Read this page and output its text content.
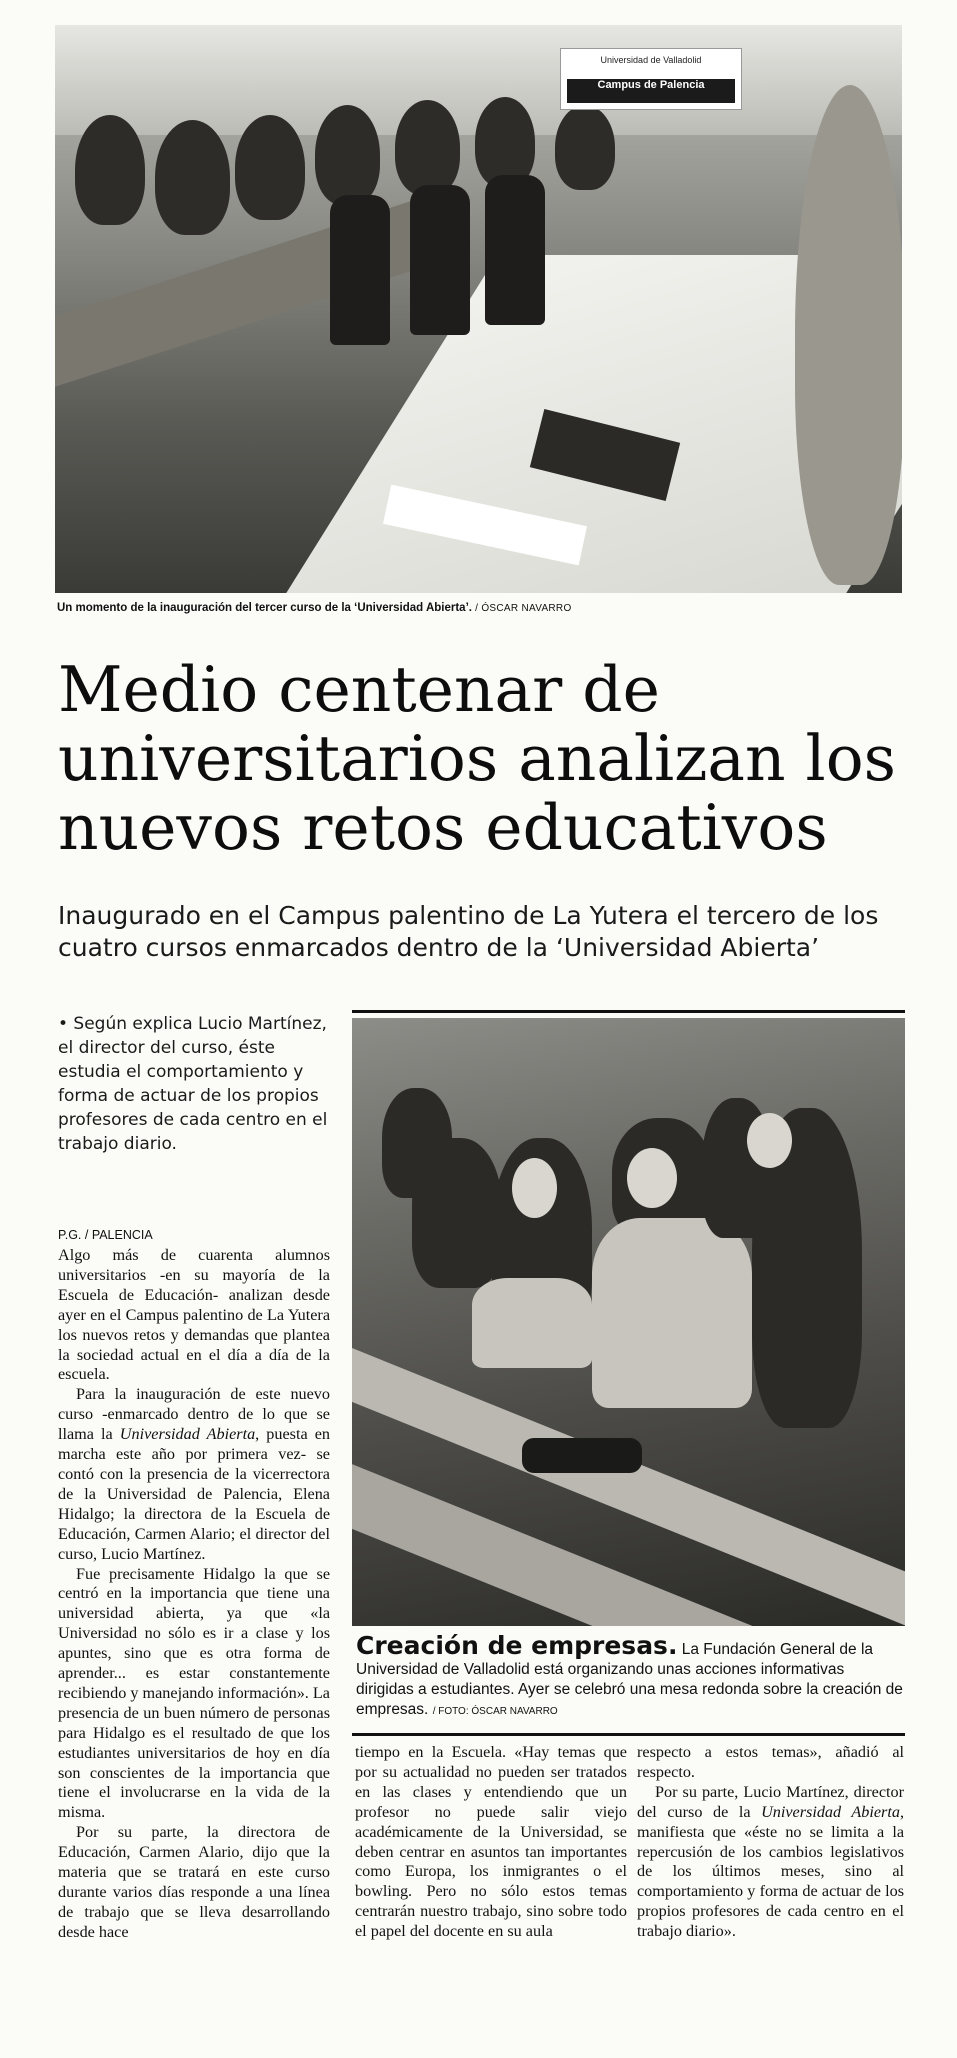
Universidad de Valladolid
Campus de Palencia
Un momento de la inauguración del tercer curso de la ‘Universidad Abierta’. / ÓSCAR NAVARRO
Medio centenar de universitarios analizan los nuevos retos educativos
Inaugurado en el Campus palentino de La Yutera el tercero de los cuatro cursos enmarcados dentro de la ‘Universidad Abierta’
• Según explica Lucio Martínez, el director del curso, éste estudia el comportamiento y forma de actuar de los propios profesores de cada centro en el trabajo diario.
P.G. / PALENCIA

Algo más de cuarenta alumnos universitarios -en su mayoría de la Escuela de Educación- analizan desde ayer en el Campus palentino de La Yutera los nuevos retos y demandas que plantea la sociedad actual en el día a día de la escuela.

Para la inauguración de este nuevo curso -enmarcado dentro de lo que se llama la Universidad Abierta, puesta en marcha este año por primera vez- se contó con la presencia de la vicerrectora de la Universidad de Palencia, Elena Hidalgo; la directora de la Escuela de Educación, Carmen Alario; el director del curso, Lucio Martínez.

Fue precisamente Hidalgo la que se centró en la importancia que tiene una universidad abierta, ya que «la Universidad no sólo es ir a clase y los apuntes, sino que es otra forma de aprender... es estar constantemente recibiendo y manejando información». La presencia de un buen número de personas para Hidalgo es el resultado de que los estudiantes universitarios de hoy en día son conscientes de la importancia que tiene el involucrarse en la vida de la misma.

Por su parte, la directora de Educación, Carmen Alario, dijo que la materia que se tratará en este curso durante varios días responde a una línea de trabajo que se lleva desarrollando desde hace

Creación de empresas. La Fundación General de la Universidad de Valladolid está organizando unas acciones informativas dirigidas a estudiantes. Ayer se celebró una mesa redonda sobre la creación de empresas. / FOTO: ÓSCAR NAVARRO

tiempo en la Escuela. «Hay temas que por su actualidad no pueden ser tratados en las clases y entendiendo que un profesor no puede salir viejo académicamente de la Universidad, se deben centrar en asuntos tan importantes como Europa, los inmigrantes o el bowling. Pero no sólo estos temas centrarán nuestro trabajo, sino sobre todo el papel del docente en su aula

respecto a estos temas», añadió al respecto.

Por su parte, Lucio Martínez, director del curso de la Universidad Abierta, manifiesta que «éste no se limita a la repercusión de los cambios legislativos de los últimos meses, sino al comportamiento y forma de actuar de los propios profesores de cada centro en el trabajo diario».
